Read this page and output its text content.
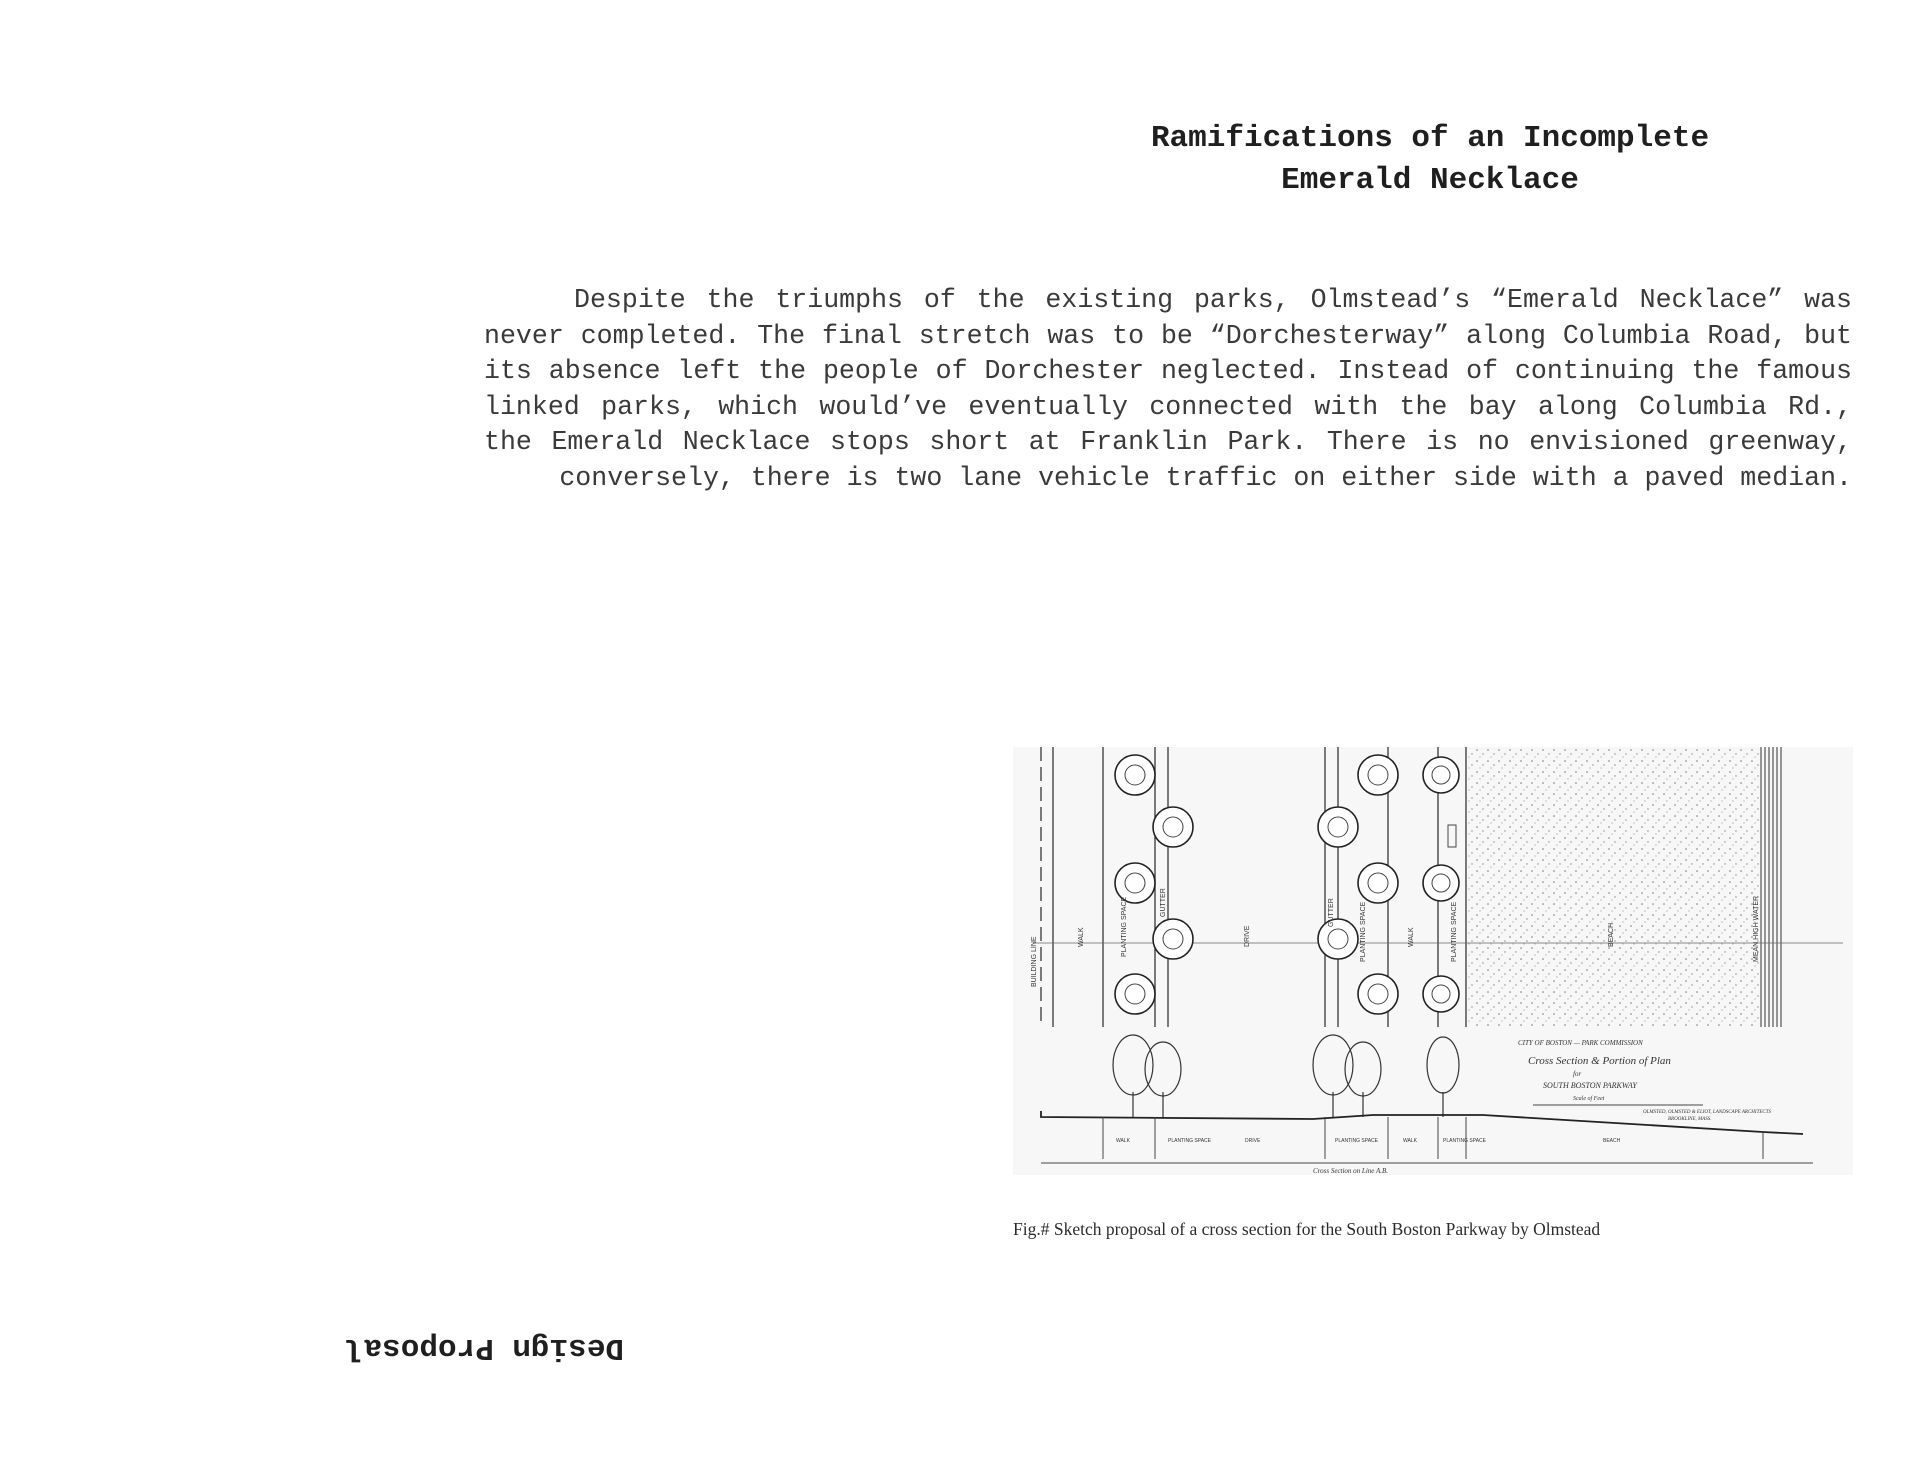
Ramifications of an Incomplete
Emerald Necklace

Despite the triumphs of the existing parks, Olmstead’s “Emerald Necklace” was never completed. The final stretch was to be “Dorchesterway” along Columbia Road, but its absence left the people of Dorchester neglected. Instead of continuing the famous linked parks, which would’ve eventually connected with the bay along Columbia Rd., the Emerald Necklace stops short at Franklin Park. There is no envisioned greenway, conversely, there is two lane vehicle traffic on either side with a paved median.

BUILDING LINE	WALK	PLANTING SPACE	GUTTER
DRIVE
GUTTER	PLANTING SPACE	WALK	PLANTING SPACE	BEACH	MEAN HIGH WATER
CITY OF BOSTON — PARK COMMISSION
Cross Section & Portion of Plan
for
SOUTH BOSTON PARKWAY
Scale of Feet
OLMSTED, OLMSTED & ELIOT, LANDSCAPE ARCHITECTS
BROOKLINE, MASS.
WALK	PLANTING SPACE	DRIVE	PLANTING SPACE	WALK	PLANTING SPACE	BEACH
Cross Section on Line A.B.
Fig.# Sketch proposal of a cross section for the South Boston Parkway by Olmstead
Design Proposal
